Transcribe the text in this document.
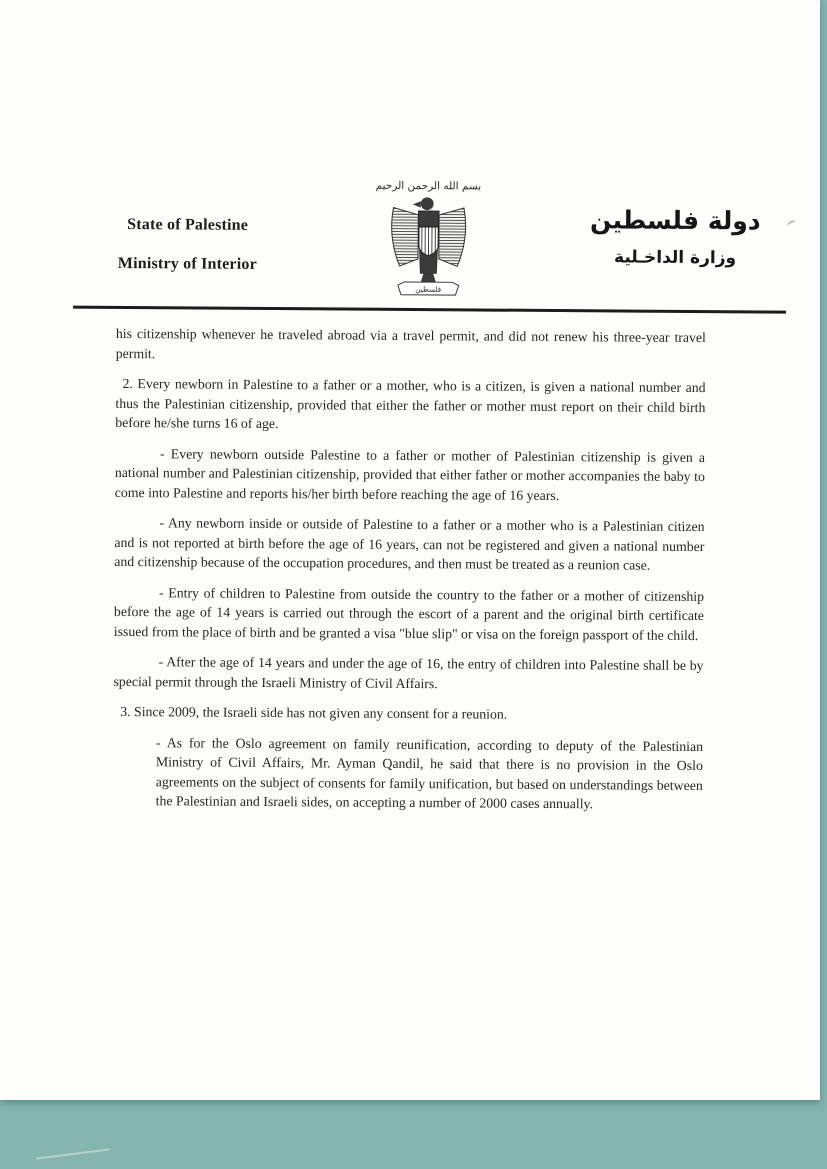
State of Palestine
Ministry of Interior
بسم الله الرحمن الرحيم
فلسطين
دولة فلسطين
وزارة الداخـلية

his citizenship whenever he traveled abroad via a travel permit, and did not renew his three-year travel permit.

2. Every newborn in Palestine to a father or a mother, who is a citizen, is given a national number and thus the Palestinian citizenship, provided that either the father or mother must report on their child birth before he/she turns 16 of age.

- Every newborn outside Palestine to a father or mother of Palestinian citizenship is given a national number and Palestinian citizenship, provided that either father or mother accompanies the baby to come into Palestine and reports his/her birth before reaching the age of 16 years.

- Any newborn inside or outside of Palestine to a father or a mother who is a Palestinian citizen and is not reported at birth before the age of 16 years, can not be registered and given a national number and citizenship because of the occupation procedures, and then must be treated as a reunion case.

- Entry of children to Palestine from outside the country to the father or a mother of citizenship before the age of 14 years is carried out through the escort of a parent and the original birth certificate issued from the place of birth and be granted a visa "blue slip" or visa on the foreign passport of the child.

- After the age of 14 years and under the age of 16, the entry of children into Palestine shall be by special permit through the Israeli Ministry of Civil Affairs.

3. Since 2009, the Israeli side has not given any consent for a reunion.

- As for the Oslo agreement on family reunification, according to deputy of the Palestinian Ministry of Civil Affairs, Mr. Ayman Qandil, he said that there is no provision in the Oslo agreements on the subject of consents for family unification, but based on understandings between the Palestinian and Israeli sides, on accepting a number of 2000 cases annually.
